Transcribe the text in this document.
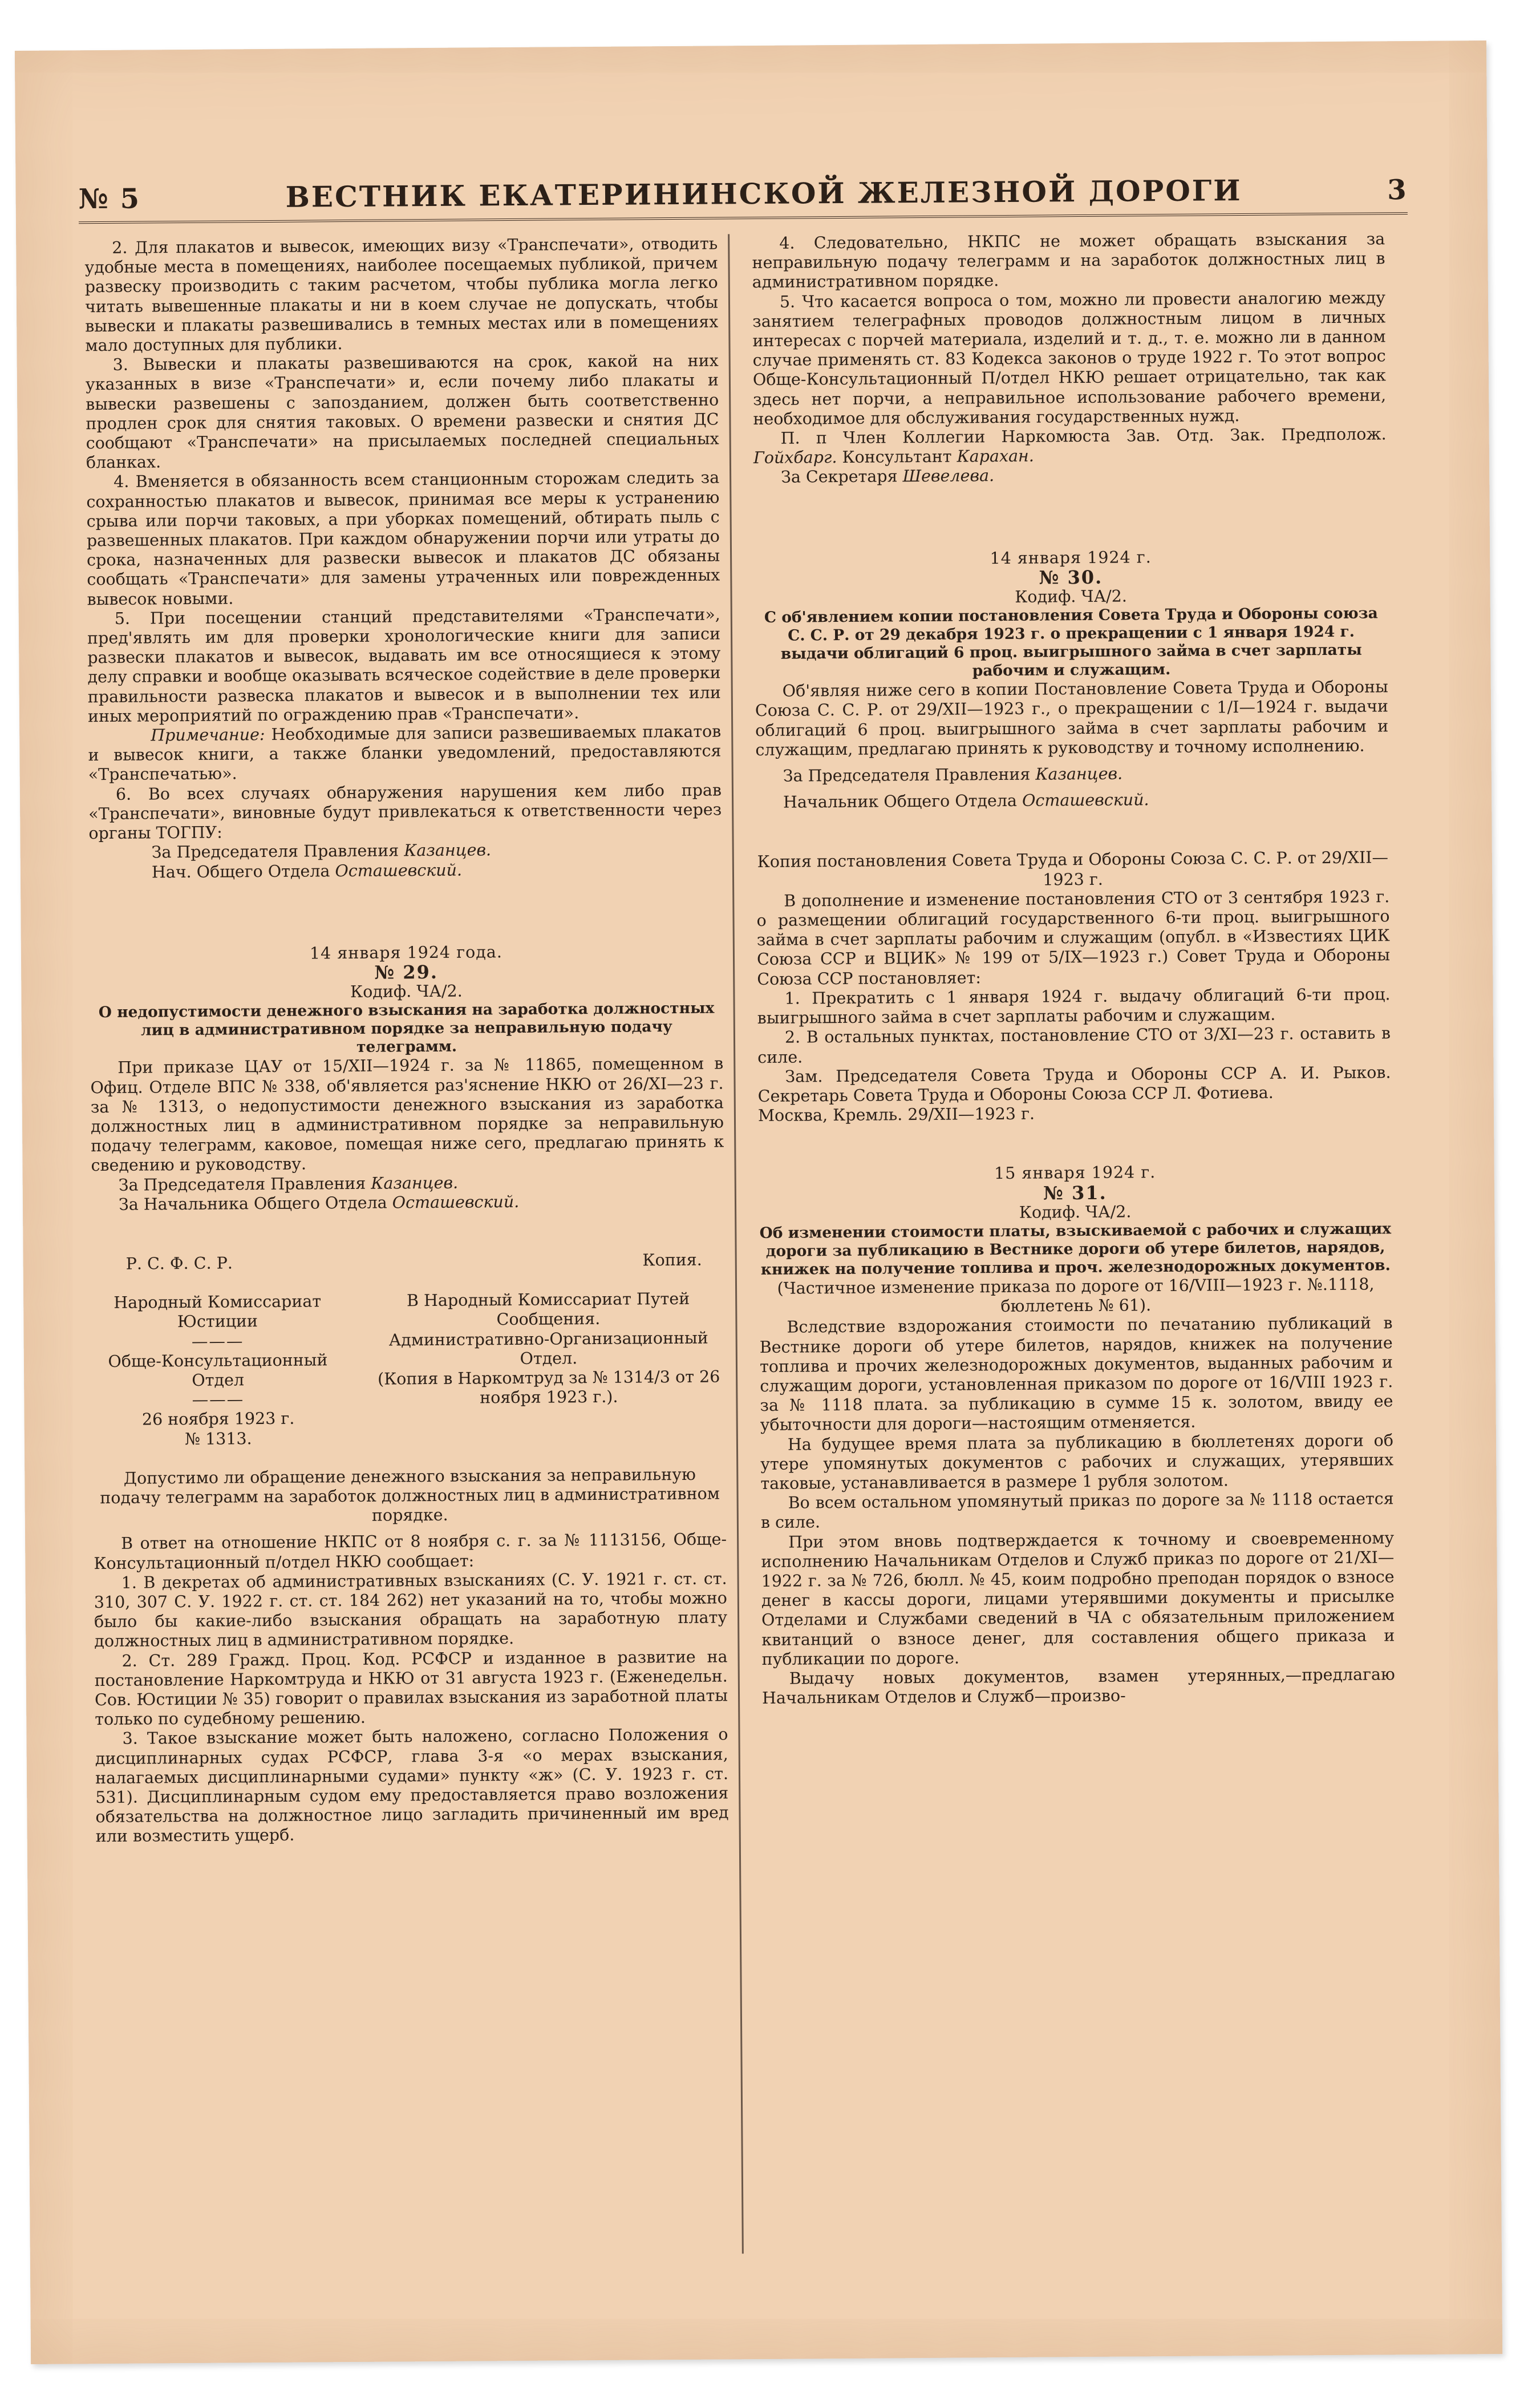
№ 5	ВЕСТНИК ЕКАТЕРИНИНСКОЙ ЖЕЛЕЗНОЙ ДОРОГИ	3

2. Для плакатов и вывесок, имеющих визу «Транспечати», отводить удобные места в помещениях, наиболее посещаемых публикой, причем развеску производить с таким расчетом, чтобы публика могла легко читать вывешенные плакаты и ни в коем случае не допускать, чтобы вывески и плакаты развешивались в темных местах или в помещениях мало доступных для публики.

3. Вывески и плакаты развешиваются на срок, какой на них указанных в визе «Транспечати» и, если почему либо плакаты и вывески развешены с запозданием, должен быть соответственно продлен срок для снятия таковых. О времени развески и снятия ДС сообщают «Транспечати» на присылаемых последней специальных бланках.

4. Вменяется в обязанность всем станционным сторожам следить за сохранностью плакатов и вывесок, принимая все меры к устранению срыва или порчи таковых, а при уборках помещений, обтирать пыль с развешенных плакатов. При каждом обнаружении порчи или утраты до срока, назначенных для развески вывесок и плакатов ДС обязаны сообщать «Транспечати» для замены утраченных или поврежденных вывесок новыми.

5. При посещении станций представителями «Транспечати», пред'являть им для проверки хронологические книги для записи развески плакатов и вывесок, выдавать им все относящиеся к этому делу справки и вообще оказывать всяческое содействие в деле проверки правильности развеска плакатов и вывесок и в выполнении тех или иных мероприятий по ограждению прав «Транспечати».

Примечание: Необходимые для записи развешиваемых плакатов и вывесок книги, а также бланки уведомлений, предоставляются «Транспечатью».

6. Во всех случаях обнаружения нарушения кем либо прав «Транспечати», виновные будут привлекаться к ответственности через органы ТОГПУ:

За Председателя Правления Казанцев.

Нач. Общего Отдела Осташевский.

14 января 1924 года.

№ 29.

Кодиф. ЧА/2.

О недопустимости денежного взыскания на заработка должностных лиц в административном порядке за неправильную подачу телеграмм.

При приказе ЦАУ от 15/XII—1924 г. за № 11865, помещенном в Офиц. Отделе ВПС № 338, об'является раз'яснение НКЮ от 26/XI—23 г. за № 1313, о недопустимости денежного взыскания из заработка должностных лиц в административном порядке за неправильную подачу телеграмм, каковое, помещая ниже сего, предлагаю принять к сведению и руководству.

За Председателя Правления Казанцев.

За Начальника Общего Отдела Осташевский.

Р. С. Ф. С. Р.	Копия.
Народный Комиссариат Юстиции
———
Обще-Консультационный Отдел
———
26 ноября 1923 г.
№ 1313.
В Народный Комиссариат Путей Сообщения.
Административно-Организационный Отдел.
(Копия в Наркомтруд за № 1314/3 от 26 ноября 1923 г.).

Допустимо ли обращение денежного взыскания за неправильную подачу телеграмм на заработок должностных лиц в административном порядке.

В ответ на отношение НКПС от 8 ноября с. г. за № 1113156, Обще-Консультационный п/отдел НКЮ сообщает:

1. В декретах об административных взысканиях (С. У. 1921 г. ст. ст. 310, 307 С. У. 1922 г. ст. ст. 184 262) нет указаний на то, чтобы можно было бы какие-либо взыскания обращать на заработную плату должностных лиц в административном порядке.

2. Ст. 289 Гражд. Проц. Код. РСФСР и изданное в развитие на постановление Наркомтруда и НКЮ от 31 августа 1923 г. (Еженедельн. Сов. Юстиции № 35) говорит о правилах взыскания из заработной платы только по судебному решению.

3. Такое взыскание может быть наложено, согласно Положения о дисциплинарных судах РСФСР, глава 3-я «о мерах взыскания, налагаемых дисциплинарными судами» пункту «ж» (С. У. 1923 г. ст. 531). Дисциплинарным судом ему предоставляется право возложения обязательства на должностное лицо загладить причиненный им вред или возместить ущерб.

4. Следовательно, НКПС не может обращать взыскания за неправильную подачу телеграмм и на заработок должностных лиц в административном порядке.

5. Что касается вопроса о том, можно ли провести аналогию между занятием телеграфных проводов должностным лицом в личных интересах с порчей материала, изделий и т. д., т. е. можно ли в данном случае применять ст. 83 Кодекса законов о труде 1922 г. То этот вопрос Обще-Консультационный П/отдел НКЮ решает отрицательно, так как здесь нет порчи, а неправильное использование рабочего времени, необходимое для обслуживания государственных нужд.

П. п Член Коллегии Наркомюста Зав. Отд. Зак. Предполож. Гойхбарг. Консультант Карахан.

За Секретаря Шевелева.

14 января 1924 г.

№ 30.

Кодиф. ЧА/2.

С об'явлением копии постановления Совета Труда и Обороны союза С. С. Р. от 29 декабря 1923 г. о прекращении с 1 января 1924 г. выдачи облигаций 6 проц. выигрышного займа в счет зарплаты рабочим и служащим.

Об'являя ниже сего в копии Постановление Совета Труда и Обороны Союза С. С. Р. от 29/XII—1923 г., о прекращении с 1/I—1924 г. выдачи облигаций 6 проц. выигрышного займа в счет зарплаты рабочим и служащим, предлагаю принять к руководству и точному исполнению.

За Председателя Правления Казанцев.

Начальник Общего Отдела Осташевский.

Копия постановления Совета Труда и Обороны Союза С. С. Р. от 29/XII—1923 г.

В дополнение и изменение постановления СТО от 3 сентября 1923 г. о размещении облигаций государственного 6-ти проц. выигрышного займа в счет зарплаты рабочим и служащим (опубл. в «Известиях ЦИК Союза ССР и ВЦИК» № 199 от 5/IX—1923 г.) Совет Труда и Обороны Союза ССР постановляет:

1. Прекратить с 1 января 1924 г. выдачу облигаций 6-ти проц. выигрышного займа в счет зарплаты рабочим и служащим.

2. В остальных пунктах, постановление СТО от 3/XI—23 г. оставить в силе.

Зам. Председателя Совета Труда и Обороны ССР А. И. Рыков. Секретарь Совета Труда и Обороны Союза ССР Л. Фотиева.

Москва, Кремль. 29/XII—1923 г.

15 января 1924 г.

№ 31.

Кодиф. ЧА/2.

Об изменении стоимости платы, взыскиваемой с рабочих и служащих дороги за публикацию в Вестнике дороги об утере билетов, нарядов, книжек на получение топлива и проч. железнодорожных документов.

(Частичное изменение приказа по дороге от 16/VIII—1923 г. №.1118, бюллетень № 61).

Вследствие вздорожания стоимости по печатанию публикаций в Вестнике дороги об утере билетов, нарядов, книжек на получение топлива и прочих железнодорожных документов, выданных рабочим и служащим дороги, установленная приказом по дороге от 16/VIII 1923 г. за № 1118 плата. за публикацию в сумме 15 к. золотом, ввиду ее убыточности для дороги—настоящим отменяется.

На будущее время плата за публикацию в бюллетенях дороги об утере упомянутых документов с рабочих и служащих, утерявших таковые, устанавливается в размере 1 рубля золотом.

Во всем остальном упомянутый приказ по дороге за № 1118 остается в силе.

При этом вновь подтверждается к точному и своевременному исполнению Начальникам Отделов и Служб приказ по дороге от 21/XI—1922 г. за № 726, бюлл. № 45, коим подробно преподан порядок о взносе денег в кассы дороги, лицами утерявшими документы и присылке Отделами и Службами сведений в ЧА с обязательным приложением квитанций о взносе денег, для составления общего приказа и публикации по дороге.

Выдачу новых документов, взамен утерянных,—предлагаю Начальникам Отделов и Служб—произво-
